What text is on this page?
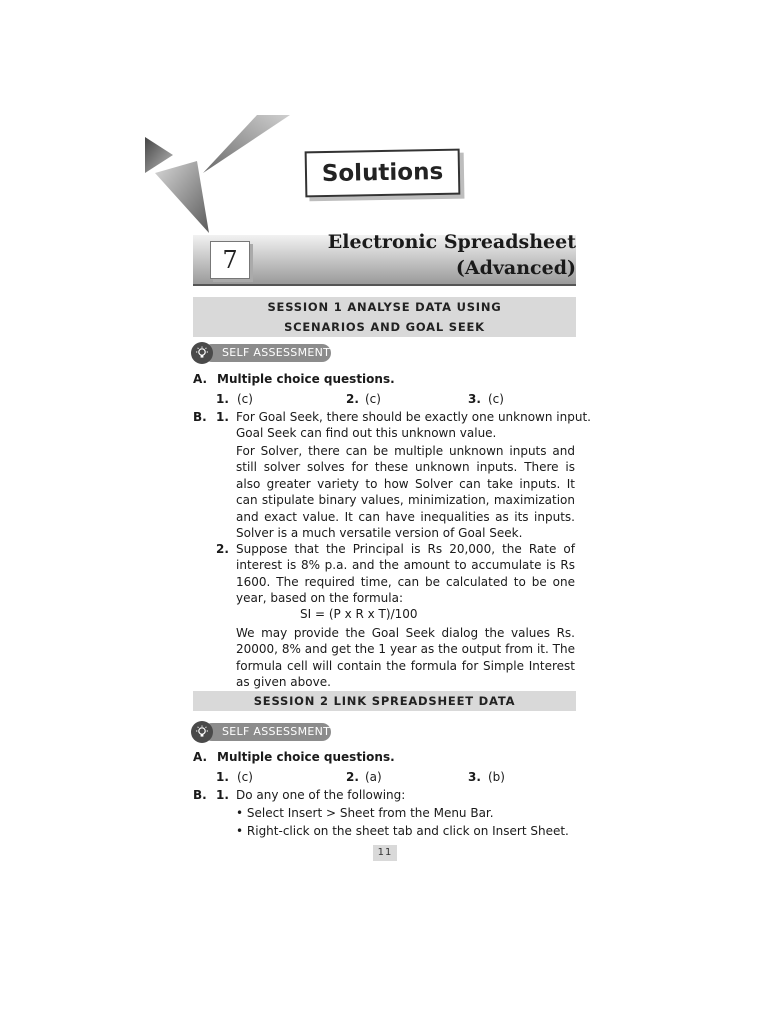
Solutions
7
Electronic Spreadsheet
(Advanced)
SESSION 1 ANALYSE DATA USING
SCENARIOS AND GOAL SEEK
SELF ASSESSMENT
A. Multiple choice questions.
1. (c)	2. (c)	3. (c)
B. 1. For Goal Seek, there should be exactly one unknown input.
Goal Seek can find out this unknown value.
For Solver, there can be multiple unknown inputs and still solver solves for these unknown inputs. There is also greater variety to how Solver can take inputs. It can stipulate binary values, minimization, maximization and exact value. It can have inequalities as its inputs. Solver is a much versatile version of Goal Seek.
2. Suppose that the Principal is Rs 20,000, the Rate of interest is 8% p.a. and the amount to accumulate is Rs 1600. The required time, can be calculated to be one year, based on the formula:
SI = (P x R x T)/100
We may provide the Goal Seek dialog the values Rs. 20000, 8% and get the 1 year as the output from it. The formula cell will contain the formula for Simple Interest as given above.
SESSION 2 LINK SPREADSHEET DATA
SELF ASSESSMENT
A. Multiple choice questions.
1. (c)	2. (a)	3. (b)
B. 1. Do any one of the following:
• Select Insert > Sheet from the Menu Bar.
• Right-click on the sheet tab and click on Insert Sheet.
11
